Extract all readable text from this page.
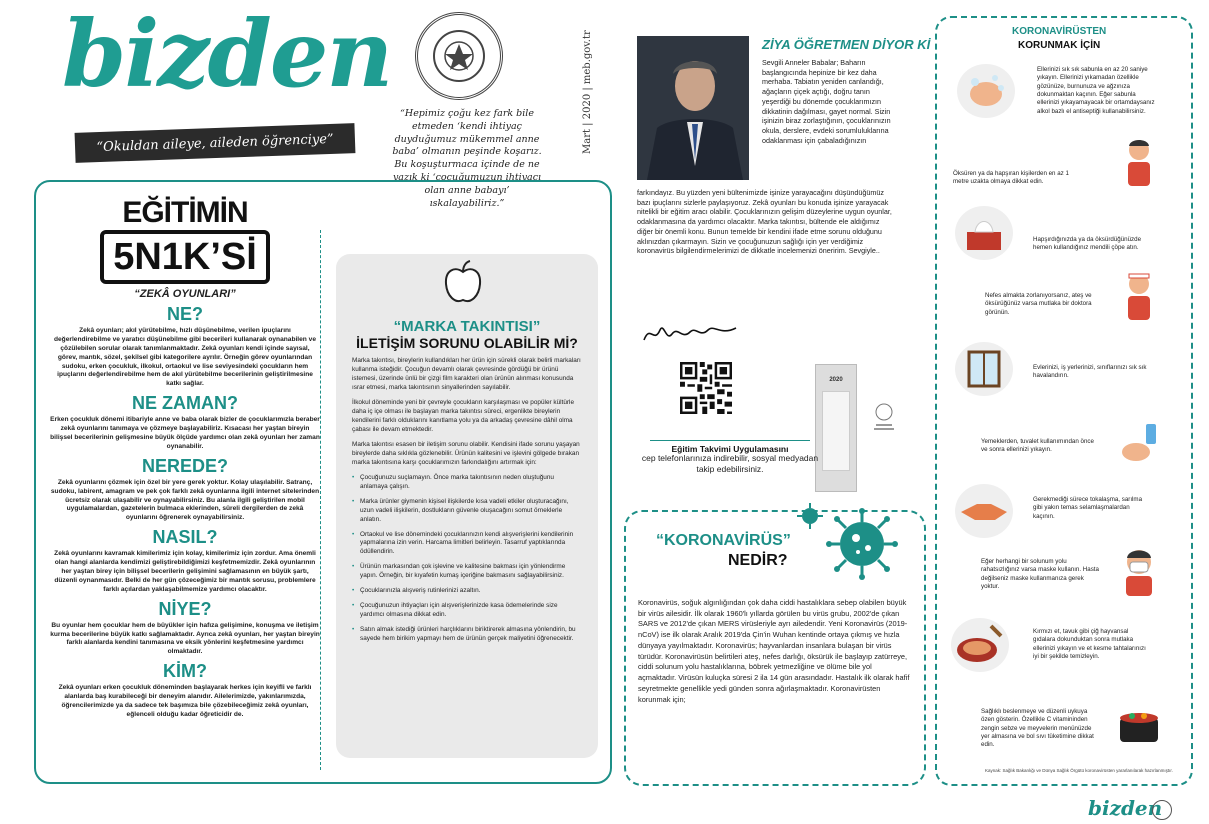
bizden
“Okuldan aileye, aileden öğrenciye”
“Hepimiz çoğu kez fark bile etmeden ‘kendi ihtiyaç duyduğumuz mükemmel anne baba’ olmanın peşinde koşarız. Bu koşuşturmaca içinde de ne yazık ki ‘çocuğumuzun ihtiyacı olan anne babayı’ ıskalayabiliriz.”
Mart | 2020 | meb.gov.tr
EĞİTİMİN
5N1K’Sİ
“ZEKÂ OYUNLARI”
NE?
Zekâ oyunları; akıl yürütebilme, hızlı düşünebilme, verilen ipuçlarını değerlendirebilme ve yaratıcı düşünebilme gibi becerileri kullanarak oynanabilen ve çözülebilen sorular olarak tanımlanmaktadır. Zekâ oyunları kendi içinde sayısal, görev, mantık, sözel, şekilsel gibi kategorilere ayrılır. Örneğin görev oyunlarından sudoku, erken çocukluk, ilkokul, ortaokul ve lise seviyesindeki çocukların hem ipuçlarını değerlendirebilme hem de akıl yürütebilme becerilerinin geliştirilmesine katkı sağlar.
NE ZAMAN?
Erken çocukluk dönemi itibariyle anne ve baba olarak bizler de çocuklarımızla beraber zekâ oyunlarını tanımaya ve çözmeye başlayabiliriz. Kısacası her yaştan bireyin bilişsel becerilerinin gelişmesine büyük ölçüde yardımcı olan zekâ oyunları her zaman oynanabilir.
NEREDE?
Zekâ oyunlarını çözmek için özel bir yere gerek yoktur. Kolay ulaşılabilir. Satranç, sudoku, labirent, amagram ve pek çok farklı zekâ oyunlarına ilgili internet sitelerinden ücretsiz olarak ulaşabilir ve oynayabilirsiniz. Bu alanla ilgili geliştirilen mobil uygulamalardan, gazetelerin bulmaca eklerinden, süreli dergilerden de zekâ oyunlarını öğrenerek oynayabilirsiniz.
NASIL?
Zekâ oyunlarını kavramak kimilerimiz için kolay, kimilerimiz için zordur. Ama önemli olan hangi alanlarda kendimizi geliştirebildiğimizi keşfetmemizdir. Zekâ oyunlarının her yaştan birey için bilişsel becerilerin gelişimini sağlamasının en büyük şartı, düzenli oynanmasıdır. Belki de her gün çözeceğimiz bir mantık sorusu, problemlere farklı açılardan yaklaşabilmemize yardımcı olacaktır.
NİYE?
Bu oyunlar hem çocuklar hem de büyükler için hafıza gelişimine, konuşma ve iletişim kurma becerilerine büyük katkı sağlamaktadır. Ayrıca zekâ oyunları, her yaştan bireyin farklı alanlarda kendini tanımasına ve eksik yönlerini keşfetmesine yardımcı olmaktadır.
KİM?
Zekâ oyunları erken çocukluk döneminden başlayarak herkes için keyifli ve farklı alanlarda baş kurabileceği bir deneyim alanıdır. Ailelerimizde, yakınlarımızda, öğrencilerimizde ya da sadece tek başımıza bile çözebileceğimiz zekâ oyunları, eğlenceli olduğu kadar öğreticidir de.
“MARKA TAKINTISI”
İLETİŞİM SORUNU OLABİLİR Mİ?
Marka takıntısı, bireylerin kullandıkları her ürün için sürekli olarak belirli markaları kullanma isteğidir. Çocuğun devamlı olarak çevresinde gördüğü bir ürünü istemesi, üzerinde ünlü bir çizgi film karakteri olan ürünün alınması konusunda ısrar etmesi, marka takıntısının sinyallerinden sayılabilir.
İlkokul döneminde yeni bir çevreyle çocukların karşılaşması ve popüler kültürle daha iç içe olması ile başlayan marka takıntısı süreci, ergenlikte bireylerin kendilerini farklı olduklarını kanıtlama yolu ya da arkadaş çevresine dâhil olma çabası ile devam etmektedir.
Marka takıntısı esasen bir iletişim sorunu olabilir. Kendisini ifade sorunu yaşayan bireylerde daha sıklıkla gözlenebilir. Ürünün kalitesini ve işlevini gölgede bırakan marka takıntısına karşı çocuklarımızın farkındalığını artırmak için:
• Çocuğunuzu suçlamayın. Önce marka takıntısının neden oluştuğunu anlamaya çalışın.
• Marka ürünler giymenin kişisel ilişkilerde kısa vadeli etkiler oluşturacağını, uzun vadeli ilişkilerin, dostlukların güvenle oluşacağını somut örneklerle anlatın.
• Ortaokul ve lise dönemindeki çocuklarınızın kendi alışverişlerini kendilerinin yapmalarına izin verin. Harcama limitleri belirleyin. Tasarruf yaptıklarında ödüllendirin.
• Ürünün markasından çok işlevine ve kalitesine bakması için yönlendirme yapın. Örneğin, bir kıyafetin kumaş içeriğine bakmasını sağlayabilirsiniz.
• Çocuklarınızla alışveriş rutinlerinizi azaltın.
• Çocuğunuzun ihtiyaçları için alışverişlerinizde kasa ödemelerinde size yardımcı olmasına dikkat edin.
• Satın almak istediği ürünleri harçlıklarını biriktirerek almasına yönlendirin, bu sayede hem birikim yapmayı hem de ürünün gerçek maliyetini öğrenecektir.
ZİYA ÖĞRETMEN DİYOR Kİ
Sevgili Anneler Babalar; Baharın başlangıcında hepinize bir kez daha merhaba. Tabiatın yeniden canlandığı, ağaçların çiçek açtığı, doğru tanın yeşerdiği bu dönemde çocuklarımızın dikkatinin dağılması, gayet normal. Sizin işinizin biraz zorlaştığının, çocuklarınızın okula, derslere, evdeki sorumluluklarına odaklanması için çabaladığınızın
farkındayız. Bu yüzden yeni bültenimizde işinize yarayacağını düşündüğümüz bazı ipuçlarını sizlerle paylaşıyoruz. Zekâ oyunları bu konuda işinize yarayacak nitelikli bir eğitim aracı olabilir. Çocuklarınızın gelişim düzeylerine uygun oyunlar, odaklanmasına da yardımcı olacaktır. Marka takıntısı, bültende ele aldığımız diğer bir önemli konu. Bunun temelde bir kendini ifade etme sorunu olduğunu aklınızdan çıkarmayın. Sizin ve çocuğunuzun sağlığı için yer verdiğimiz koronavirüs bilgilendirmelerimizi de dikkatle incelemenizi öneririm. Sevgiyle..
2020
Eğitim Takvimi Uygulamasını
cep telefonlarınıza indirebilir, sosyal medyadan takip edebilirsiniz.
“KORONAVİRÜS”
NEDİR?
Koronavirüs, soğuk algınlığından çok daha ciddi hastalıklara sebep olabilen büyük bir virüs ailesidir. İlk olarak 1960'lı yıllarda görülen bu virüs grubu, 2002'de çıkan SARS ve 2012'de çıkan MERS virüsleriyle ayrı ailedendir. Yeni Koronavirüs (2019-nCoV) ise ilk olarak Aralık 2019'da Çin'in Wuhan kentinde ortaya çıkmış ve hızla dünyaya yayılmaktadır. Koronavirüs; hayvanlardan insanlara bulaşan bir virüs türüdür. Koronavirüsün belirtileri ateş, nefes darlığı, öksürük ile başlayıp zatürreye, ciddi solunum yolu hastalıklarına, böbrek yetmezliğine ve ölüme bile yol açmaktadır. Virüsün kuluçka süresi 2 ila 14 gün arasındadır. Hastalık ilk olarak hafif seyretmekte genellikle yedi günden sonra ağırlaşmaktadır. Koronavirüsten korunmak için;
KORONAVİRÜSTEN
KORUNMAK İÇİN
Ellerinizi sık sık sabunla en az 20 saniye yıkayın. Ellerinizi yıkamadan özellikle gözünüze, burnunuza ve ağzınıza dokunmaktan kaçının. Eğer sabunla ellerinizi yıkayamayacak bir ortamdaysanız alkol bazlı el antiseptiği kullanabilirsiniz.
Öksüren ya da hapşıran kişilerden en az 1 metre uzakta olmaya dikkat edin.
Hapşırdığınızda ya da öksürdüğünüzde hemen kullandığınız mendili çöpe atın.
Nefes almakta zorlanıyorsanız, ateş ve öksürüğünüz varsa mutlaka bir doktora görünün.
Evlerinizi, iş yerlerinizi, sınıflarınızı sık sık havalandırın.
Yemeklerden, tuvalet kullanımından önce ve sonra ellerinizi yıkayın.
Gerekmediği sürece tokalaşma, sarılma gibi yakın temas selamlaşmalardan kaçının.
Eğer herhangi bir solunum yolu rahatsızlığınız varsa maske kullanın. Hasta değilseniz maske kullanmanıza gerek yoktur.
Kırmızı et, tavuk gibi çiğ hayvansal gıdalara dokunduktan sonra mutlaka ellerinizi yıkayın ve et kesme tahtalarınızı iyi bir şekilde temizleyin.
Sağlıklı beslenmeye ve düzenli uykuya özen gösterin. Özellikle C vitamininden zengin sebze ve meyvelerin menünüzde yer almasına ve bol sıvı tüketimine dikkat edin.
Kaynak: Sağlık Bakanlığı ve Dünya Sağlık Örgütü koronavirüsten yararlanılarak hazırlanmıştır.
bizden
